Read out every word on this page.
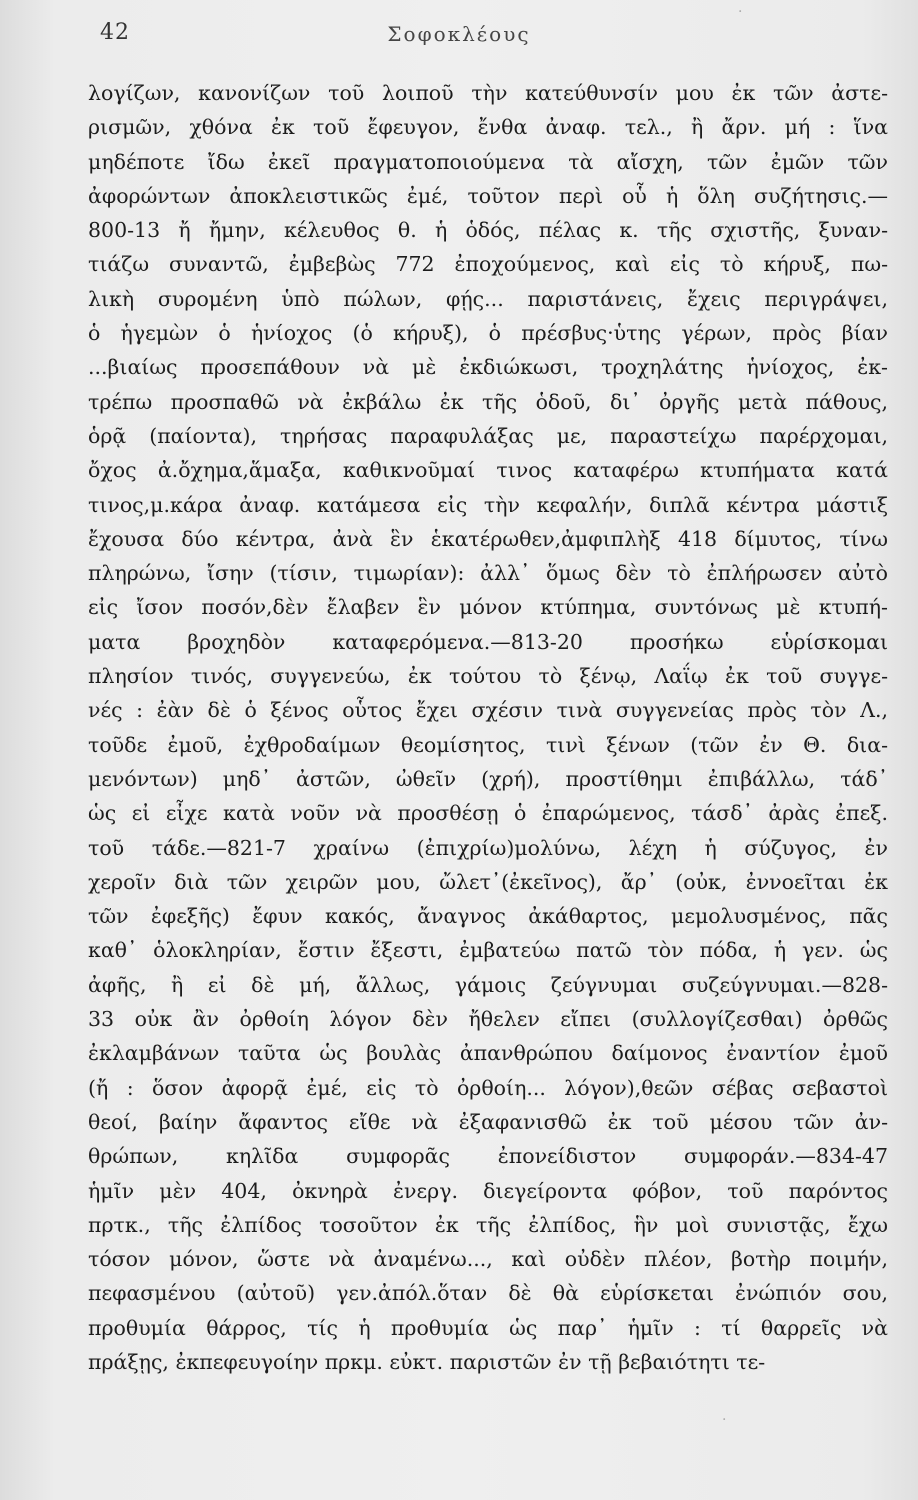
42	Σοφοκλέους
·
·
λογίζων, κανονίζων τοῦ λοιποῦ τὴν κατεύθυνσίν μου ἐκ τῶν ἀστε-
ρισμῶν, χθόνα ἐκ τοῦ ἔφευγον, ἔνθα ἀναφ. τελ., ἢ ἄρν. μή : ἵνα
μηδέποτε ἴδω ἐκεῖ πραγματοποιούμενα τὰ αἴσχη, τῶν ἐμῶν τῶν
ἀφορώντων ἀποκλειστικῶς ἐμέ, τοῦτον περὶ οὗ ἡ ὅλη συζήτησις.—
800-13 ἤ ἤμην, κέλευθος θ. ἡ ὁδός, πέλας κ. τῆς σχιστῆς, ξυναν-
τιάζω συναντῶ, ἐμβεβὼς 772 ἐποχούμενος, καὶ εἰς τὸ κήρυξ, πω-
λικὴ συρομένη ὑπὸ πώλων, φῄς... παριστάνεις, ἔχεις περιγράψει,
ὁ ἡγεμὼν ὁ ἡνίοχος (ὁ κήρυξ), ὁ πρέσβυς·ὑτης γέρων, πρὸς βίαν
...βιαίως προσεπάθουν νὰ μὲ ἐκδιώκωσι, τροχηλάτης ἡνίοχος, ἐκ-
τρέπω προσπαθῶ νὰ ἐκβάλω ἐκ τῆς ὁδοῦ, δι᾽ ὀργῆς μετὰ πάθους,
ὁρᾷ (παίοντα), τηρήσας παραφυλάξας με, παραστείχω παρέρχομαι,
ὄχος ἀ.ὄχημα,ἅμαξα, καθικνοῦμαί τινος καταφέρω κτυπήματα κατά
τινος,μ.κάρα ἀναφ. κατάμεσα εἰς τὴν κεφαλήν, διπλᾶ κέντρα μάστιξ
ἔχουσα δύο κέντρα, ἀνὰ ἓν ἑκατέρωθεν,ἀμφιπλὴξ 418 δίμυτος, τίνω
πληρώνω, ἴσην (τίσιν, τιμωρίαν): ἀλλ᾽ ὅμως δὲν τὸ ἐπλήρωσεν αὐτὸ
εἰς ἴσον ποσόν,δὲν ἔλαβεν ἓν μόνον κτύπημα, συντόνως μὲ κτυπή-
ματα βροχηδὸν καταφερόμενα.—813-20 προσήκω εὑρίσκομαι
πλησίον τινός, συγγενεύω, ἐκ τούτου τὸ ξένῳ, Λαΐῳ ἐκ τοῦ συγγε-
νές : ἐὰν δὲ ὁ ξένος οὗτος ἔχει σχέσιν τινὰ συγγενείας πρὸς τὸν Λ.,
τοῦδε ἐμοῦ, ἐχθροδαίμων θεομίσητος, τινὶ ξένων (τῶν ἐν Θ. δια-
μενόντων) μηδ᾽ ἀστῶν, ὠθεῖν (χρή), προστίθημι ἐπιβάλλω, τάδ᾽
ὡς εἰ εἶχε κατὰ νοῦν νὰ προσθέσῃ ὁ ἐπαρώμενος, τάσδ᾽ ἀρὰς ἐπεξ.
τοῦ τάδε.—821-7 χραίνω (ἐπιχρίω)μολύνω, λέχη ἡ σύζυγος, ἐν
χεροῖν διὰ τῶν χειρῶν μου, ὤλετ᾽(ἐκεῖνος), ἄρ᾽ (οὐκ, ἐννοεῖται ἐκ
τῶν ἐφεξῆς) ἔφυν κακός, ἄναγνος ἀκάθαρτος, μεμολυσμένος, πᾶς
καθ᾽ ὁλοκληρίαν, ἔστιν ἔξεστι, ἐμβατεύω πατῶ τὸν πόδα, ἡ γεν. ὡς
ἀφῆς, ἢ εἰ δὲ μή, ἄλλως, γάμοις ζεύγνυμαι συζεύγνυμαι.—828-
33 οὐκ ἂν ὀρθοίη λόγον δὲν ἤθελεν εἴπει (συλλογίζεσθαι) ὀρθῶς
ἐκλαμβάνων ταῦτα ὡς βουλὰς ἀπανθρώπου δαίμονος ἐναντίον ἐμοῦ
(ἤ : ὅσον ἀφορᾷ ἐμέ, εἰς τὸ ὀρθοίη... λόγον),θεῶν σέβας σεβαστοὶ
θεοί, βαίην ἄφαντος εἴθε νὰ ἐξαφανισθῶ ἐκ τοῦ μέσου τῶν ἀν-
θρώπων, κηλῖδα συμφορᾶς ἐπονείδιστον συμφοράν.—834-47
ἡμῖν μὲν 404, ὀκνηρὰ ἐνεργ. διεγείροντα φόβον, τοῦ παρόντος
πρτκ., τῆς ἐλπίδος τοσοῦτον ἐκ τῆς ἐλπίδος, ἣν μοὶ συνιστᾷς, ἔχω
τόσον μόνον, ὥστε νὰ ἀναμένω..., καὶ οὐδὲν πλέον, βοτὴρ ποιμήν,
πεφασμένου (αὐτοῦ) γεν.ἀπόλ.ὅταν δὲ θὰ εὑρίσκεται ἐνώπιόν σου,
προθυμία θάρρος, τίς ἡ προθυμία ὡς παρ᾽ ἡμῖν : τί θαρρεῖς νὰ
πράξῃς, ἐκπεφευγοίην πρκμ. εὐκτ. παριστῶν ἐν τῇ βεβαιότητι τε-
